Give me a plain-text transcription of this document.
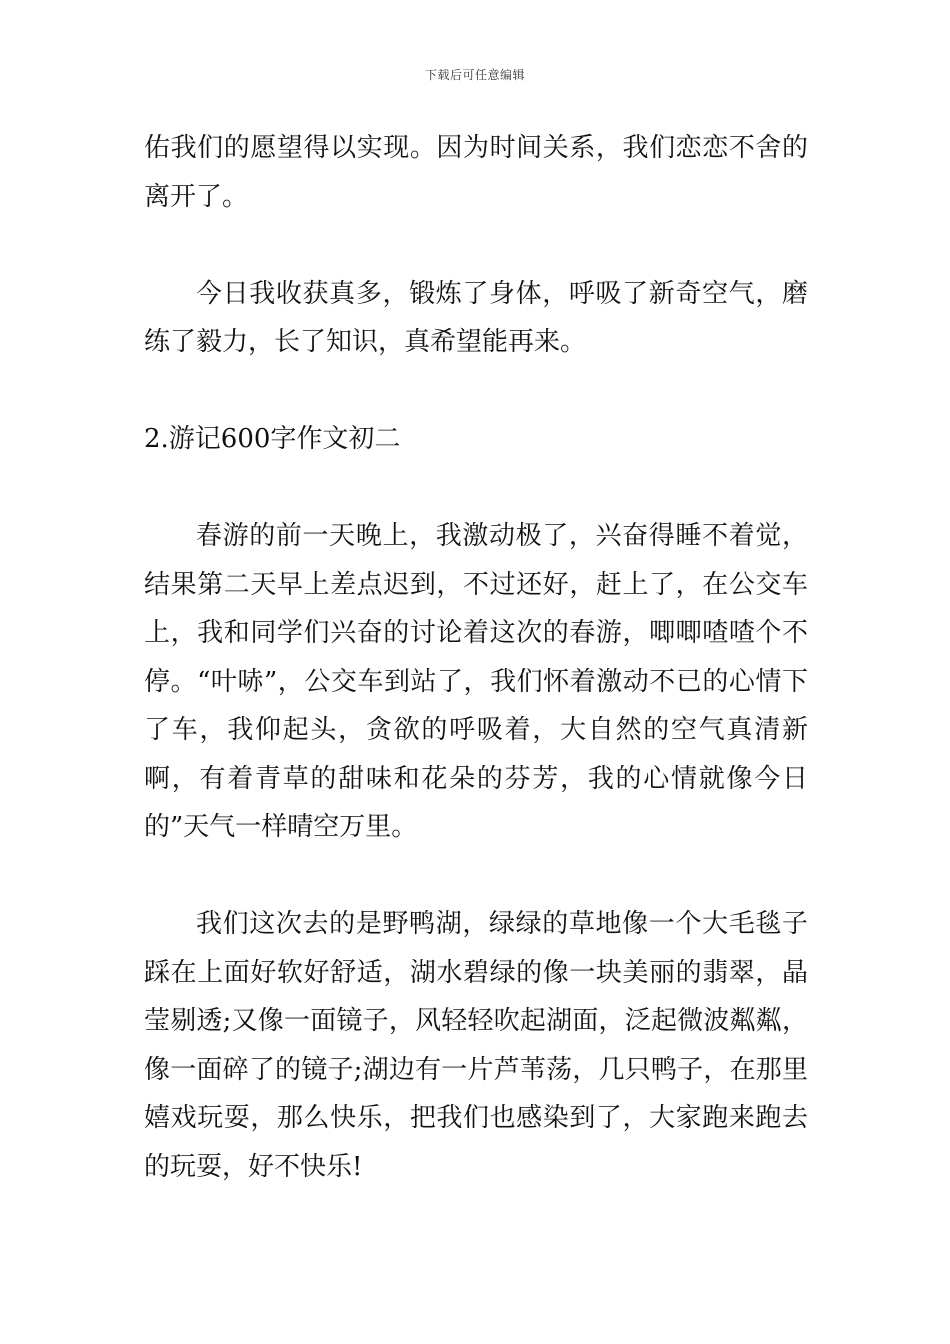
下载后可任意编辑

佑我们的愿望得以实现。因为时间关系，我们恋恋不舍的离开了。

今日我收获真多，锻炼了身体，呼吸了新奇空气，磨练了毅力，长了知识，真希望能再来。

2.游记600字作文初二

春游的前一天晚上，我激动极了，兴奋得睡不着觉，结果第二天早上差点迟到，不过还好，赶上了，在公交车上，我和同学们兴奋的讨论着这次的春游，唧唧喳喳个不停。“叶哧”，公交车到站了，我们怀着激动不已的心情下了车，我仰起头，贪欲的呼吸着，大自然的空气真清新啊，有着青草的甜味和花朵的芬芳，我的心情就像今日的”天气一样晴空万里。

我们这次去的是野鸭湖，绿绿的草地像一个大毛毯子踩在上面好软好舒适，湖水碧绿的像一块美丽的翡翠，晶莹剔透;又像一面镜子，风轻轻吹起湖面，泛起微波粼粼，像一面碎了的镜子;湖边有一片芦苇荡，几只鸭子，在那里嬉戏玩耍，那么快乐，把我们也感染到了，大家跑来跑去的玩耍，好不快乐!
